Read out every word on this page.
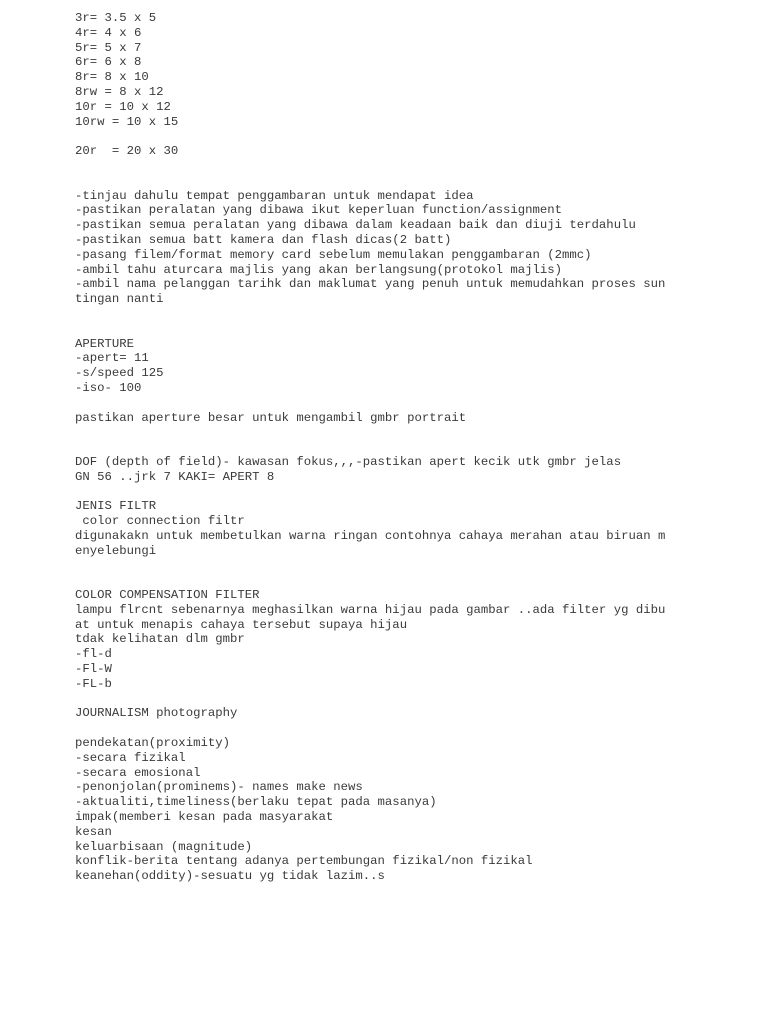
3r= 3.5 x 5
4r= 4 x 6
5r= 5 x 7
6r= 6 x 8
8r= 8 x 10
8rw = 8 x 12
10r = 10 x 12
10rw = 10 x 15
20r  = 20 x 30
-tinjau dahulu tempat penggambaran untuk mendapat idea
-pastikan peralatan yang dibawa ikut keperluan function/assignment
-pastikan semua peralatan yang dibawa dalam keadaan baik dan diuji terdahulu
-pastikan semua batt kamera dan flash dicas(2 batt)
-pasang filem/format memory card sebelum memulakan penggambaran (2mmc)
-ambil tahu aturcara majlis yang akan berlangsung(protokol majlis)
-ambil nama pelanggan tarihk dan maklumat yang penuh untuk memudahkan proses sun
tingan nanti
APERTURE
-apert= 11
-s/speed 125
-iso- 100
pastikan aperture besar untuk mengambil gmbr portrait
DOF (depth of field)- kawasan fokus,,,-pastikan apert kecik utk gmbr jelas
GN 56 ..jrk 7 KAKI= APERT 8
JENIS FILTR
color connection filtr
digunakakn untuk membetulkan warna ringan contohnya cahaya merahan atau biruan m
enyelebungi
COLOR COMPENSATION FILTER
lampu flrcnt sebenarnya meghasilkan warna hijau pada gambar ..ada filter yg dibu
at untuk menapis cahaya tersebut supaya hijau
tdak kelihatan dlm gmbr
-fl-d
-Fl-W
-FL-b
JOURNALISM photography
pendekatan(proximity)
-secara fizikal
-secara emosional
-penonjolan(prominems)- names make news
-aktualiti,timeliness(berlaku tepat pada masanya)
impak(memberi kesan pada masyarakat
kesan
keluarbisaan (magnitude)
konflik-berita tentang adanya pertembungan fizikal/non fizikal
keanehan(oddity)-sesuatu yg tidak lazim..s
